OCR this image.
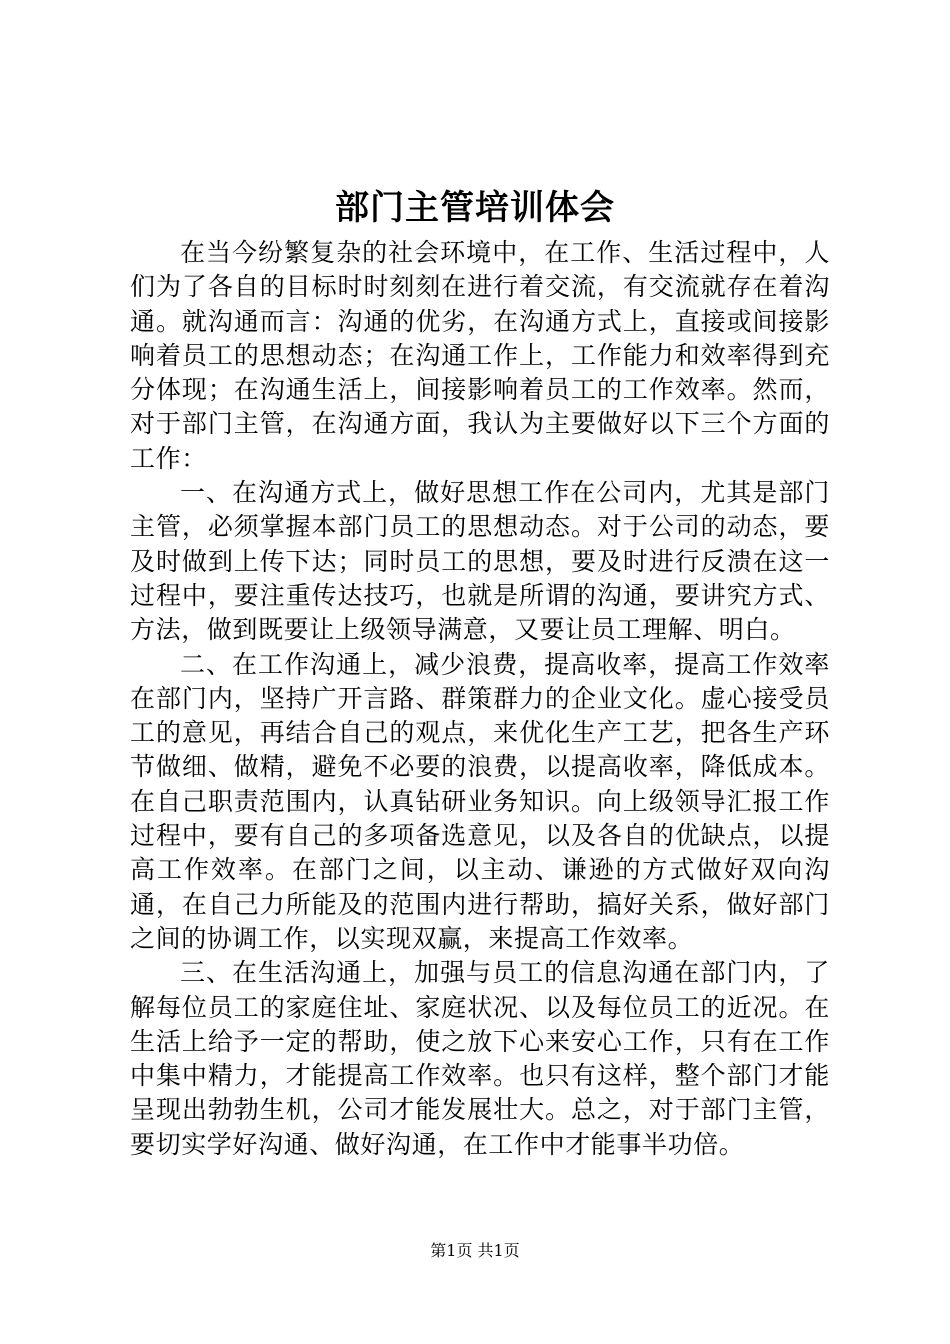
部门主管培训体会

在当今纷繁复杂的社会环境中，在工作、生活过程中，人们为了各自的目标时时刻刻在进行着交流，有交流就存在着沟通。就沟通而言：沟通的优劣，在沟通方式上，直接或间接影响着员工的思想动态；在沟通工作上，工作能力和效率得到充分体现；在沟通生活上，间接影响着员工的工作效率。然而，对于部门主管，在沟通方面，我认为主要做好以下三个方面的工作：

一、在沟通方式上，做好思想工作在公司内，尤其是部门主管，必须掌握本部门员工的思想动态。对于公司的动态，要及时做到上传下达；同时员工的思想，要及时进行反溃在这一过程中，要注重传达技巧，也就是所谓的沟通，要讲究方式、方法，做到既要让上级领导满意，又要让员工理解、明白。

二、在工作沟通上，减少浪费，提高收率，提高工作效率在部门内，坚持广开言路、群策群力的企业文化。虚心接受员工的意见，再结合自己的观点，来优化生产工艺，把各生产环节做细、做精，避免不必要的浪费，以提高收率，降低成本。在自己职责范围内，认真钻研业务知识。向上级领导汇报工作过程中，要有自己的多项备选意见，以及各自的优缺点，以提高工作效率。在部门之间，以主动、谦逊的方式做好双向沟通，在自己力所能及的范围内进行帮助，搞好关系，做好部门之间的协调工作，以实现双赢，来提高工作效率。

三、在生活沟通上，加强与员工的信息沟通在部门内，了解每位员工的家庭住址、家庭状况、以及每位员工的近况。在生活上给予一定的帮助，使之放下心来安心工作，只有在工作中集中精力，才能提高工作效率。也只有这样，整个部门才能呈现出勃勃生机，公司才能发展壮大。总之，对于部门主管，要切实学好沟通、做好沟通，在工作中才能事半功倍。

第1页 共1页
